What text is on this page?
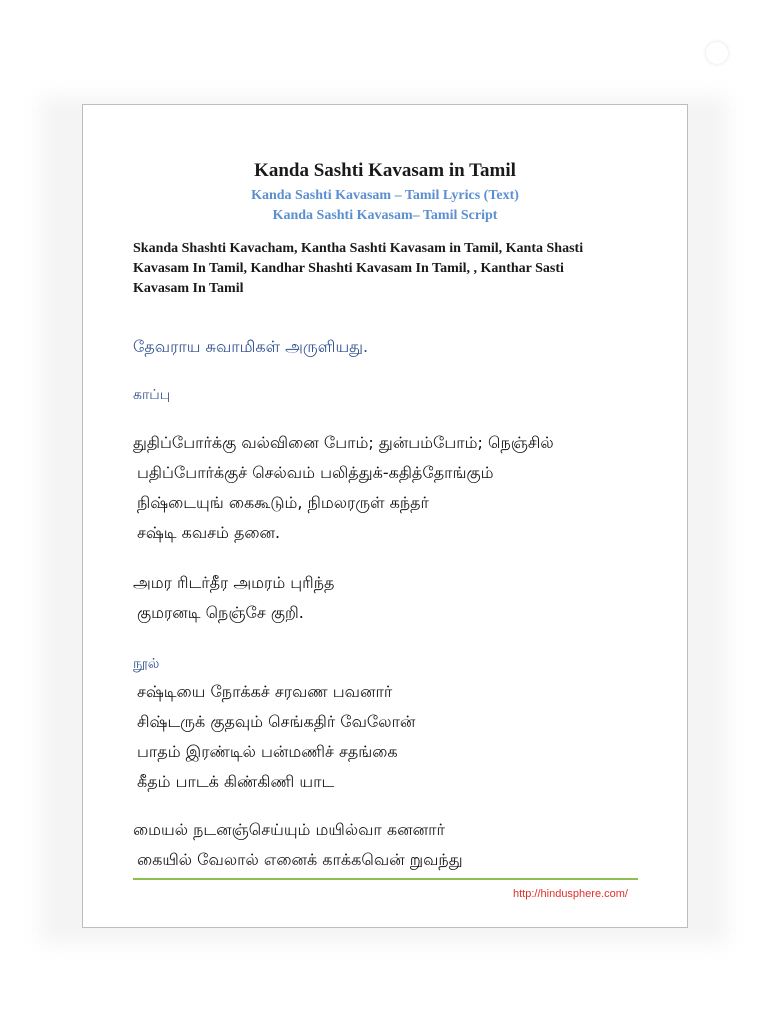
Kanda Sashti Kavasam in Tamil

Kanda Sashti Kavasam – Tamil Lyrics (Text)

Kanda Sashti Kavasam– Tamil Script

Skanda Shashti Kavacham, Kantha Sashti Kavasam in Tamil, Kanta Shasti Kavasam In Tamil, Kandhar Shashti Kavasam In Tamil, , Kanthar Sasti Kavasam In Tamil

தேவராய சுவாமிகள் அருளியது.

காப்பு

துதிப்போர்க்கு வல்வினை போம்; துன்பம்போம்; நெஞ்சில்

பதிப்போர்க்குச் செல்வம் பலித்துக்-கதித்தோங்கும்

நிஷ்டையுங் கைகூடும், நிமலரருள் கந்தர்

சஷ்டி கவசம் தனை.

அமர ரிடர்தீர அமரம் புரிந்த

குமரனடி நெஞ்சே குறி.

நூல்

சஷ்டியை நோக்கச் சரவண பவனார்

சிஷ்டருக் குதவும் செங்கதிர் வேலோன்

பாதம் இரண்டில் பன்மணிச் சதங்கை

கீதம் பாடக் கிண்கிணி யாட

மையல் நடனஞ்செய்யும் மயில்வா கனனார்

கையில் வேலால் எனைக் காக்கவென் றுவந்து

http://hindusphere.com/
